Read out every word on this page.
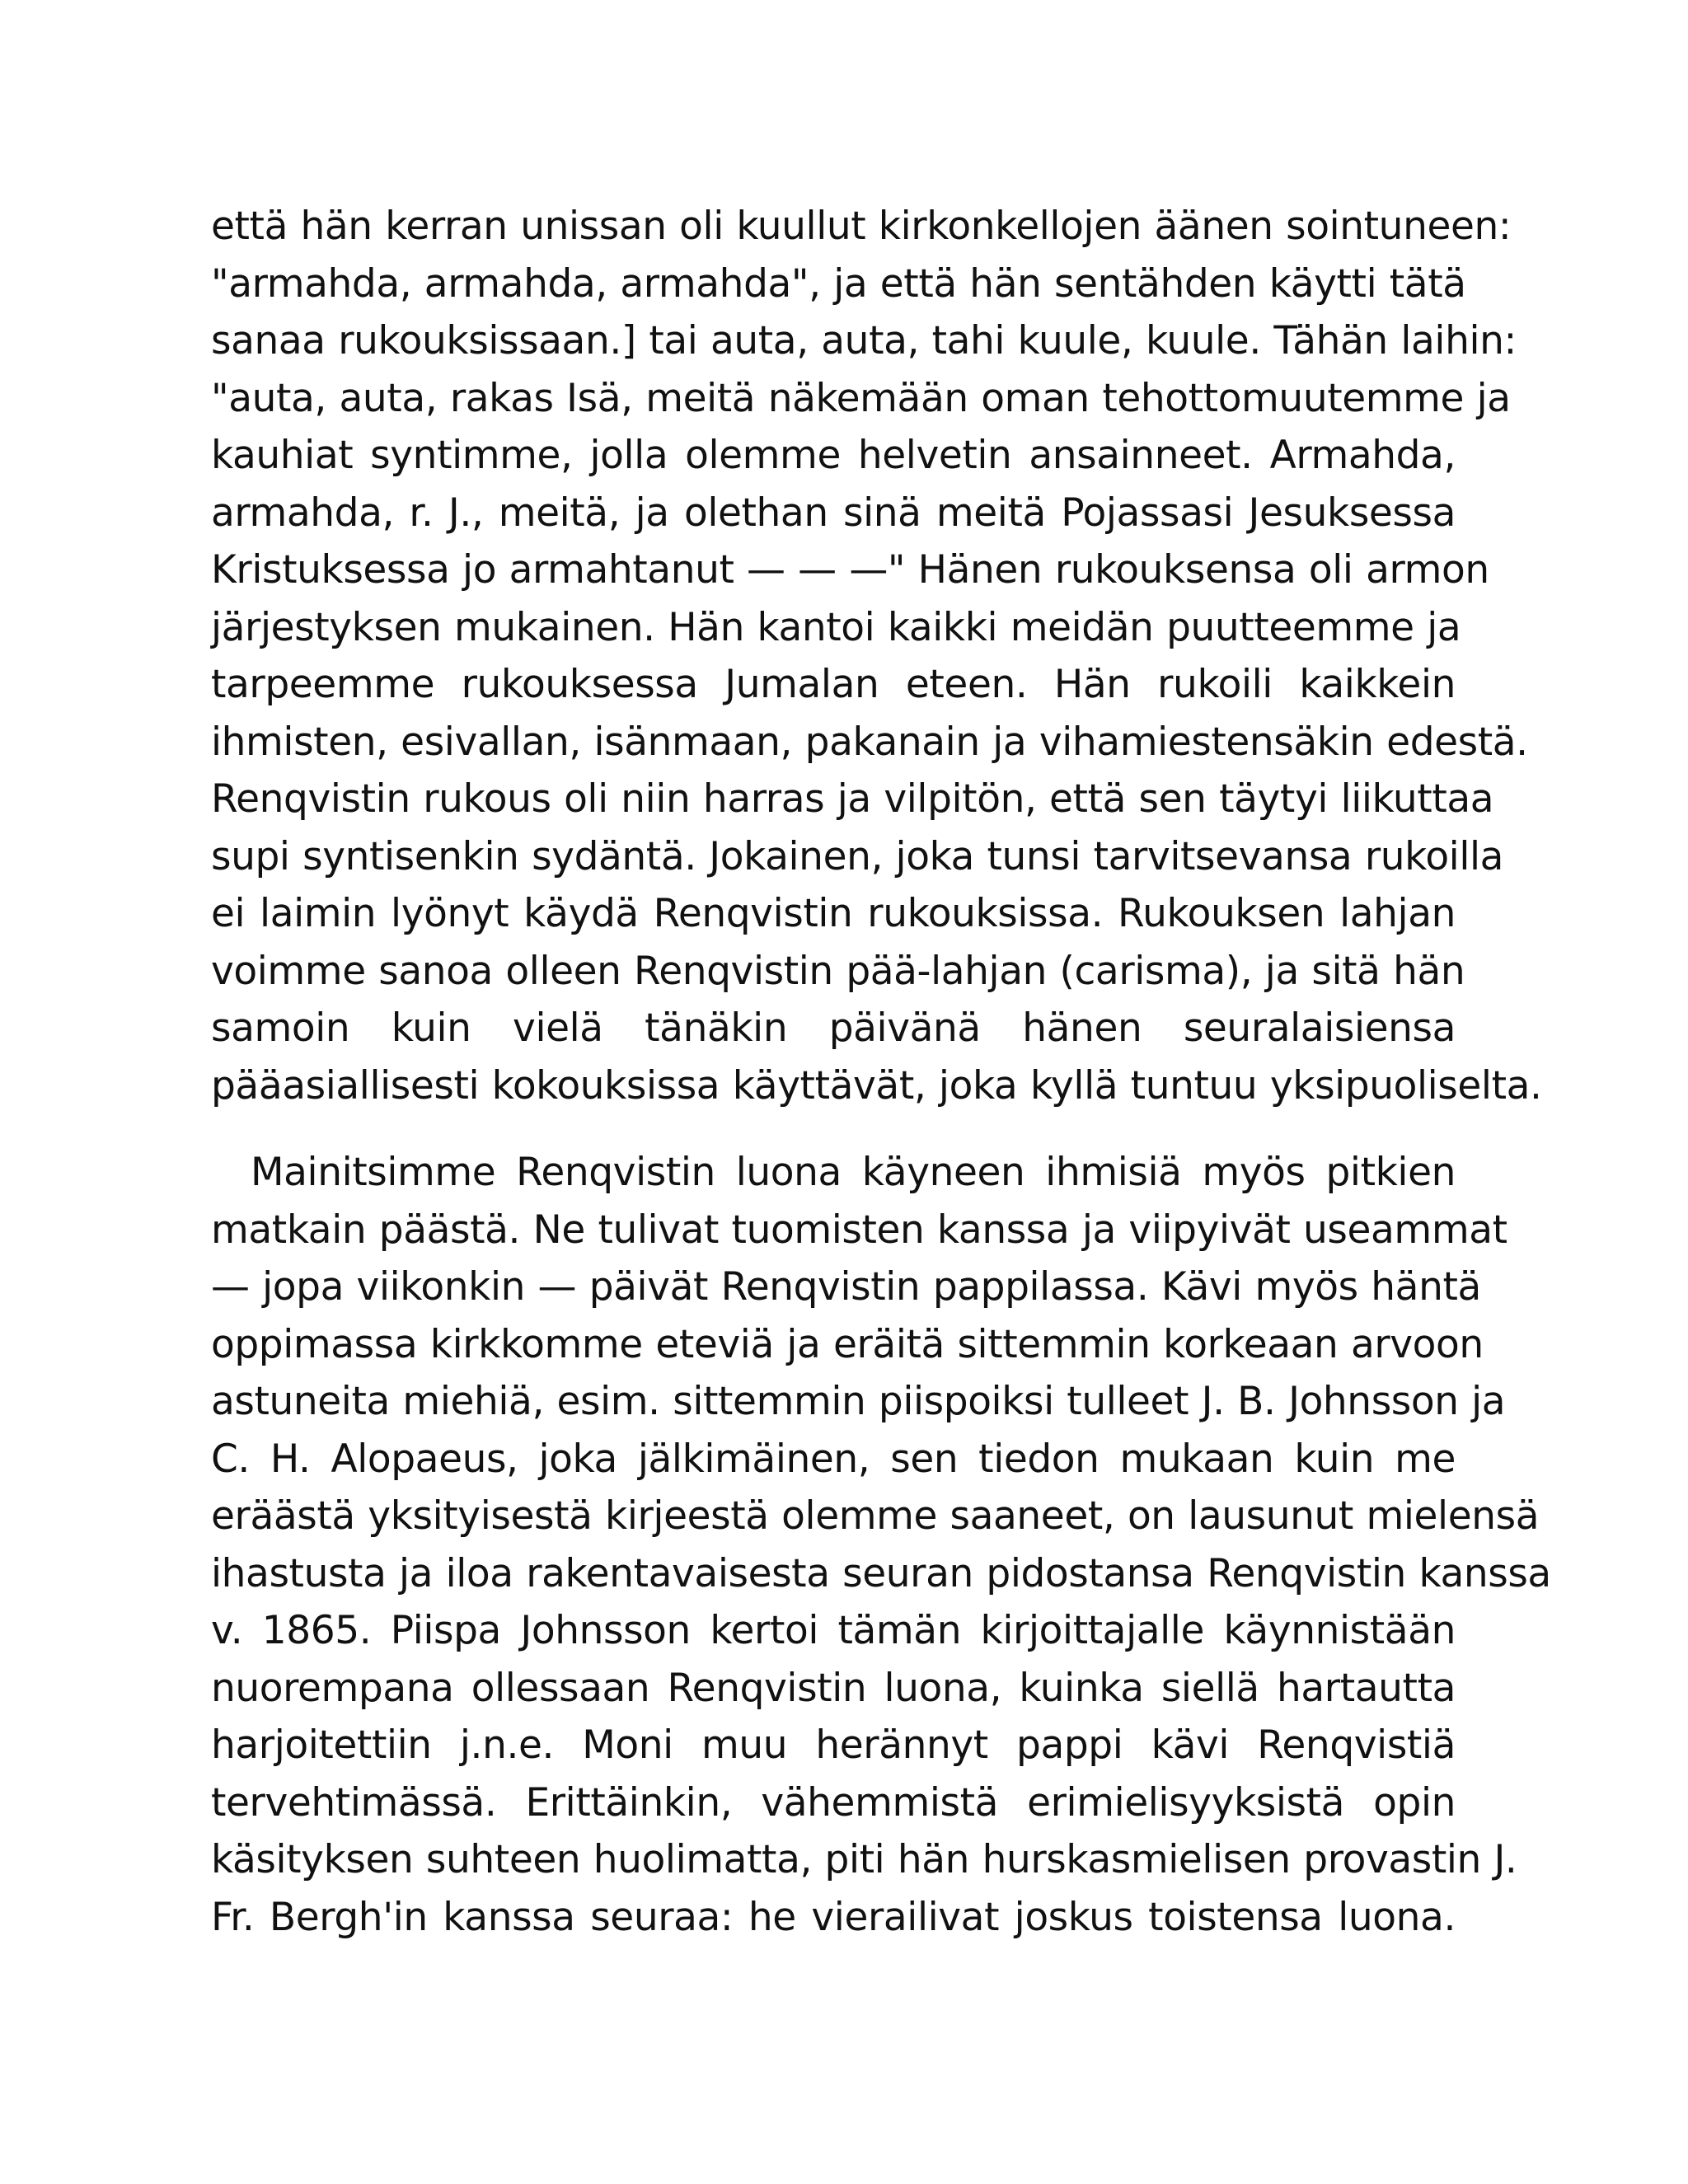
että hän kerran unissan oli kuullut kirkonkellojen äänen sointuneen:
"armahda, armahda, armahda", ja että hän sentähden käytti tätä
sanaa rukouksissaan.] tai auta, auta, tahi kuule, kuule. Tähän laihin:
"auta, auta, rakas Isä, meitä näkemään oman tehottomuutemme ja
kauhiat syntimme, jolla olemme helvetin ansainneet. Armahda,
armahda, r. J., meitä, ja olethan sinä meitä Pojassasi Jesuksessa
Kristuksessa jo armahtanut — — —" Hänen rukouksensa oli armon
järjestyksen mukainen. Hän kantoi kaikki meidän puutteemme ja
tarpeemme rukouksessa Jumalan eteen. Hän rukoili kaikkein
ihmisten, esivallan, isänmaan, pakanain ja vihamiestensäkin edestä.
Renqvistin rukous oli niin harras ja vilpitön, että sen täytyi liikuttaa
supi syntisenkin sydäntä. Jokainen, joka tunsi tarvitsevansa rukoilla
ei laimin lyönyt käydä Renqvistin rukouksissa. Rukouksen lahjan
voimme sanoa olleen Renqvistin pää-lahjan (carisma), ja sitä hän
samoin kuin vielä tänäkin päivänä hänen seuralaisiensa
pääasiallisesti kokouksissa käyttävät, joka kyllä tuntuu yksipuoliselta.
Mainitsimme Renqvistin luona käyneen ihmisiä myös pitkien
matkain päästä. Ne tulivat tuomisten kanssa ja viipyivät useammat
— jopa viikonkin — päivät Renqvistin pappilassa. Kävi myös häntä
oppimassa kirkkomme eteviä ja eräitä sittemmin korkeaan arvoon
astuneita miehiä, esim. sittemmin piispoiksi tulleet J. B. Johnsson ja
C. H. Alopaeus, joka jälkimäinen, sen tiedon mukaan kuin me
eräästä yksityisestä kirjeestä olemme saaneet, on lausunut mielensä
ihastusta ja iloa rakentavaisesta seuran pidostansa Renqvistin kanssa
v. 1865. Piispa Johnsson kertoi tämän kirjoittajalle käynnistään
nuorempana ollessaan Renqvistin luona, kuinka siellä hartautta
harjoitettiin j.n.e. Moni muu herännyt pappi kävi Renqvistiä
tervehtimässä. Erittäinkin, vähemmistä erimielisyyksistä opin
käsityksen suhteen huolimatta, piti hän hurskasmielisen provastin J.
Fr. Bergh'in kanssa seuraa: he vierailivat joskus toistensa luona.
